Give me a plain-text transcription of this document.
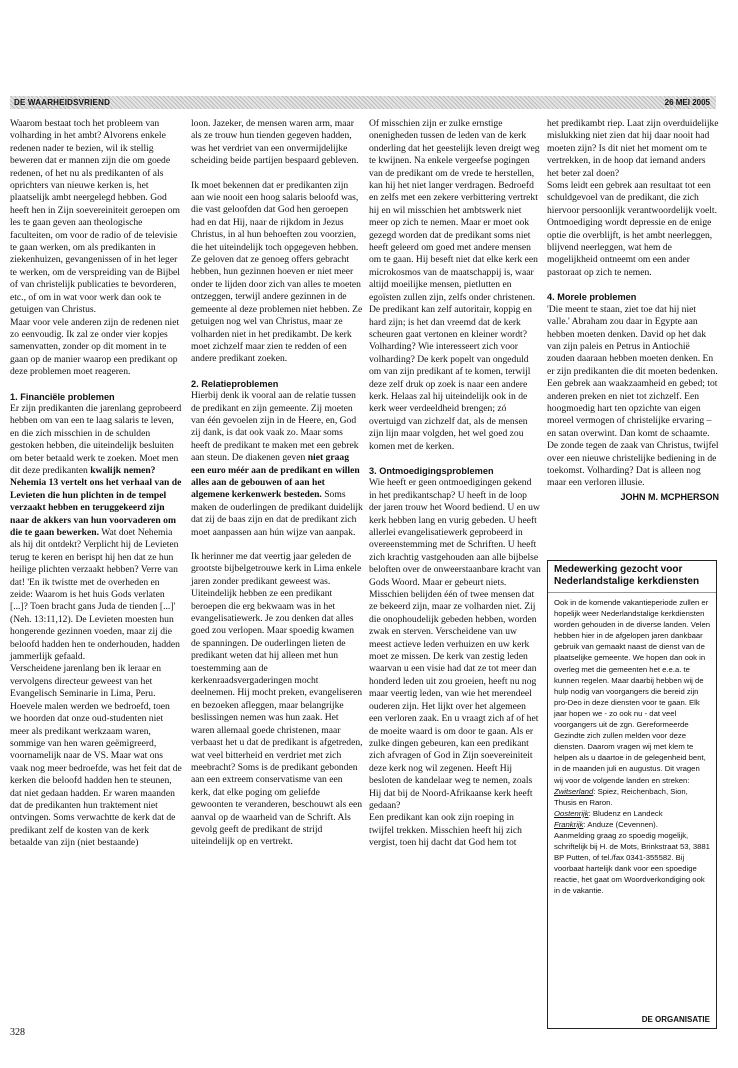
DE WAARHEIDSVRIEND	26 MEI 2005

Waarom bestaat toch het probleem van volharding in het ambt? Alvorens enkele redenen nader te bezien, wil ik stellig beweren dat er mannen zijn die om goede redenen, of het nu als predikanten of als oprichters van nieuwe kerken is, het plaatselijk ambt neergelegd hebben. God heeft hen in Zijn soevereiniteit geroepen om les te gaan geven aan theologische faculteiten, om voor de radio of de televisie te gaan werken, om als predikanten in ziekenhuizen, gevangenissen of in het leger te werken, om de verspreiding van de Bijbel of van christelijk publicaties te bevorderen, etc., of om in wat voor werk dan ook te getuigen van Christus.

Maar voor vele anderen zijn de redenen niet zo eenvoudig. Ik zal ze onder vier kopjes samenvatten, zonder op dit moment in te gaan op de manier waarop een predikant op deze problemen moet reageren.

1. Financiële problemen

Er zijn predikanten die jarenlang geprobeerd hebben om van een te laag salaris te leven, en die zich misschien in de schulden gestoken hebben, die uiteindelijk besluiten om beter betaald werk te zoeken. Moet men dit deze predikanten kwalijk nemen? Nehemia 13 vertelt ons het verhaal van de Levieten die hun plichten in de tempel verzaakt hebben en teruggekeerd zijn naar de akkers van hun voorvaderen om die te gaan bewerken. Wat doet Nehemia als hij dit ontdekt? Verplicht hij de Levieten terug te keren en berispt hij hen dat ze hun heilige plichten verzaakt hebben? Verre van dat! 'En ik twistte met de overheden en zeide: Waarom is het huis Gods verlaten [...]? Toen bracht gans Juda de tienden [...]' (Neh. 13:11,12). De Levieten moesten hun hongerende gezinnen voeden, maar zij die beloofd hadden hen te onderhouden, hadden jammerlijk gefaald.

Verscheidene jarenlang ben ik leraar en vervolgens directeur geweest van het Evangelisch Seminarie in Lima, Peru. Hoevele malen werden we bedroefd, toen we hoorden dat onze oud-studenten niet meer als predikant werkzaam waren, sommige van hen waren geëmigreerd, voornamelijk naar de VS. Maar wat ons vaak nog meer bedroefde, was het feit dat de kerken die beloofd hadden hen te steunen, dat niet gedaan hadden. Er waren maanden dat de predikanten hun traktement niet ontvingen. Soms verwachtte de kerk dat de predikant zelf de kosten van de kerk betaalde van zijn (niet bestaande)

loon. Jazeker, de mensen waren arm, maar als ze trouw hun tienden gegeven hadden, was het verdriet van een onvermijdelijke scheiding beide partijen bespaard gebleven.

Ik moet bekennen dat er predikanten zijn aan wie nooit een hoog salaris beloofd was, die vast geloofden dat God hen geroepen had en dat Hij, naar de rijkdom in Jezus Christus, in al hun behoeften zou voorzien, die het uiteindelijk toch opgegeven hebben. Ze geloven dat ze genoeg offers gebracht hebben, hun gezinnen hoeven er niet meer onder te lijden door zich van alles te moeten ontzeggen, terwijl andere gezinnen in de gemeente al deze problemen niet hebben. Ze getuigen nog wel van Christus, maar ze volharden niet in het predikambt. De kerk moet zichzelf maar zien te redden of een andere predikant zoeken.

2. Relatieproblemen

Hierbij denk ik vooral aan de relatie tussen de predikant en zijn gemeente. Zij moeten van één gevoelen zijn in de Heere, en, God zij dank, is dat ook vaak zo. Maar soms heeft de predikant te maken met een gebrek aan steun. De diakenen geven niet graag een euro méér aan de predikant en willen alles aan de gebouwen of aan het algemene kerkenwerk besteden. Soms maken de ouderlingen de predikant duidelijk dat zij de baas zijn en dat de predikant zich moet aanpassen aan hún wijze van aanpak.

Ik herinner me dat veertig jaar geleden de grootste bijbelgetrouwe kerk in Lima enkele jaren zonder predikant geweest was. Uiteindelijk hebben ze een predikant beroepen die erg bekwaam was in het evangelisatiewerk. Je zou denken dat alles goed zou verlopen. Maar spoedig kwamen de spanningen. De ouderlingen lieten de predikant weten dat hij alleen met hun toestemming aan de kerkenraadsvergaderingen mocht deelnemen. Hij mocht preken, evangeliseren en bezoeken afleggen, maar belangrijke beslissingen nemen was hun zaak. Het waren allemaal goede christenen, maar verbaast het u dat de predikant is afgetreden, wat veel bitterheid en verdriet met zich meebracht? Soms is de predikant gebonden aan een extreem conservatisme van een kerk, dat elke poging om geliefde gewoonten te veranderen, beschouwt als een aanval op de waarheid van de Schrift. Als gevolg geeft de predikant de strijd uiteindelijk op en vertrekt.

Of misschien zijn er zulke ernstige onenigheden tussen de leden van de kerk onderling dat het geestelijk leven dreigt weg te kwijnen. Na enkele vergeefse pogingen van de predikant om de vrede te herstellen, kan hij het niet langer verdragen. Bedroefd en zelfs met een zekere verbittering vertrekt hij en wil misschien het ambtswerk niet meer op zich te nemen. Maar er moet ook gezegd worden dat de predikant soms niet heeft geleerd om goed met andere mensen om te gaan. Hij beseft niet dat elke kerk een microkosmos van de maatschappij is, waar altijd moeilijke mensen, pietlutten en egoïsten zullen zijn, zelfs onder christenen. De predikant kan zelf autoritair, koppig en hard zijn; is het dan vreemd dat de kerk scheuren gaat vertonen en kleiner wordt? Volharding? Wie interesseert zich voor volharding? De kerk popelt van ongeduld om van zijn predikant af te komen, terwijl deze zelf druk op zoek is naar een andere kerk. Helaas zal hij uiteindelijk ook in de kerk weer verdeeldheid brengen; zó overtuigd van zichzelf dat, als de mensen zijn lijn maar volgden, het wel goed zou komen met de kerken.

3. Ontmoedigingsproblemen

Wie heeft er geen ontmoedigingen gekend in het predikantschap? U heeft in de loop der jaren trouw het Woord bediend. U en uw kerk hebben lang en vurig gebeden. U heeft allerlei evangelisatiewerk geprobeerd in overeenstemming met de Schriften. U heeft zich krachtig vastgehouden aan alle bijbelse beloften over de onweerstaanbare kracht van Gods Woord. Maar er gebeurt niets. Misschien belijden één of twee mensen dat ze bekeerd zijn, maar ze volharden niet. Zij die onophoudelijk gebeden hebben, worden zwak en sterven. Verscheidene van uw meest actieve leden verhuizen en uw kerk moet ze missen. De kerk van zestig leden waarvan u een visie had dat ze tot meer dan honderd leden uit zou groeien, heeft nu nog maar veertig leden, van wie het merendeel ouderen zijn. Het lijkt over het algemeen een verloren zaak. En u vraagt zich af of het de moeite waard is om door te gaan. Als er zulke dingen gebeuren, kan een predikant zich afvragen of God in Zijn soevereiniteit deze kerk nog wil zegenen. Heeft Hij besloten de kandelaar weg te nemen, zoals Hij dat bij de Noord-Afrikaanse kerk heeft gedaan?

Een predikant kan ook zijn roeping in twijfel trekken. Misschien heeft hij zich vergist, toen hij dacht dat God hem tot

het predikambt riep. Laat zijn overduidelijke mislukking niet zien dat hij daar nooit had moeten zijn? Is dit niet het moment om te vertrekken, in de hoop dat iemand anders het beter zal doen?

Soms leidt een gebrek aan resultaat tot een schuldgevoel van de predikant, die zich hiervoor persoonlijk verantwoordelijk voelt. Ontmoediging wordt depressie en de enige optie die overblijft, is het ambt neerleggen, blijvend neerleggen, wat hem de mogelijkheid ontneemt om een ander pastoraat op zich te nemen.

4. Morele problemen

'Die meent te staan, ziet toe dat hij niet valle.' Abraham zou daar in Egypte aan hebben moeten denken. David op het dak van zijn paleis en Petrus in Antiochië zouden daaraan hebben moeten denken. En er zijn predikanten die dit moeten bedenken. Een gebrek aan waakzaamheid en gebed; tot anderen preken en niet tot zichzelf. Een hoogmoedig hart ten opzichte van eigen moreel vermogen of christelijke ervaring – en satan overwint. Dan komt de schaamte. De zonde tegen de zaak van Christus, twijfel over een nieuwe christelijke bediening in de toekomst. Volharding? Dat is alleen nog maar een verloren illusie.

JOHN M. MCPHERSON
Medewerking gezocht voor Nederlandstalige kerkdiensten

Ook in de komende vakantieperiode zullen er hopelijk weer Nederlandstalige kerkdiensten worden gehouden in de diverse landen. Velen hebben hier in de afgelopen jaren dankbaar gebruik van gemaakt naast de dienst van de plaatselijke gemeente. We hopen dan ook in overleg met die gemeenten het e.e.a. te kunnen regelen. Maar daarbij hebben wij de hulp nodig van voorgangers die bereid zijn pro-Deo in deze diensten voor te gaan. Elk jaar hopen we - zo ook nu - dat veel voorgangers uit de zgn. Gereformeerde Gezindte zich zullen melden voor deze diensten. Daarom vragen wij met klem te helpen als u daartoe in de gelegenheid bent, in de maanden juli en augustus. Dit vragen wij voor de volgende landen en streken:

Zwitserland: Spiez, Reichenbach, Sion, Thusis en Raron.

Oostenrijk: Bludenz en Landeck

Frankrijk: Anduze (Cevennen).

Aanmelding graag zo spoedig mogelijk, schriftelijk bij H. de Mots, Brinkstraat 53, 3881 BP Putten, of tel./fax 0341-355582. Bij voorbaat hartelijk dank voor een spoedige reactie, het gaat om Woordverkondiging ook in de vakantie.

DE ORGANISATIE
328
